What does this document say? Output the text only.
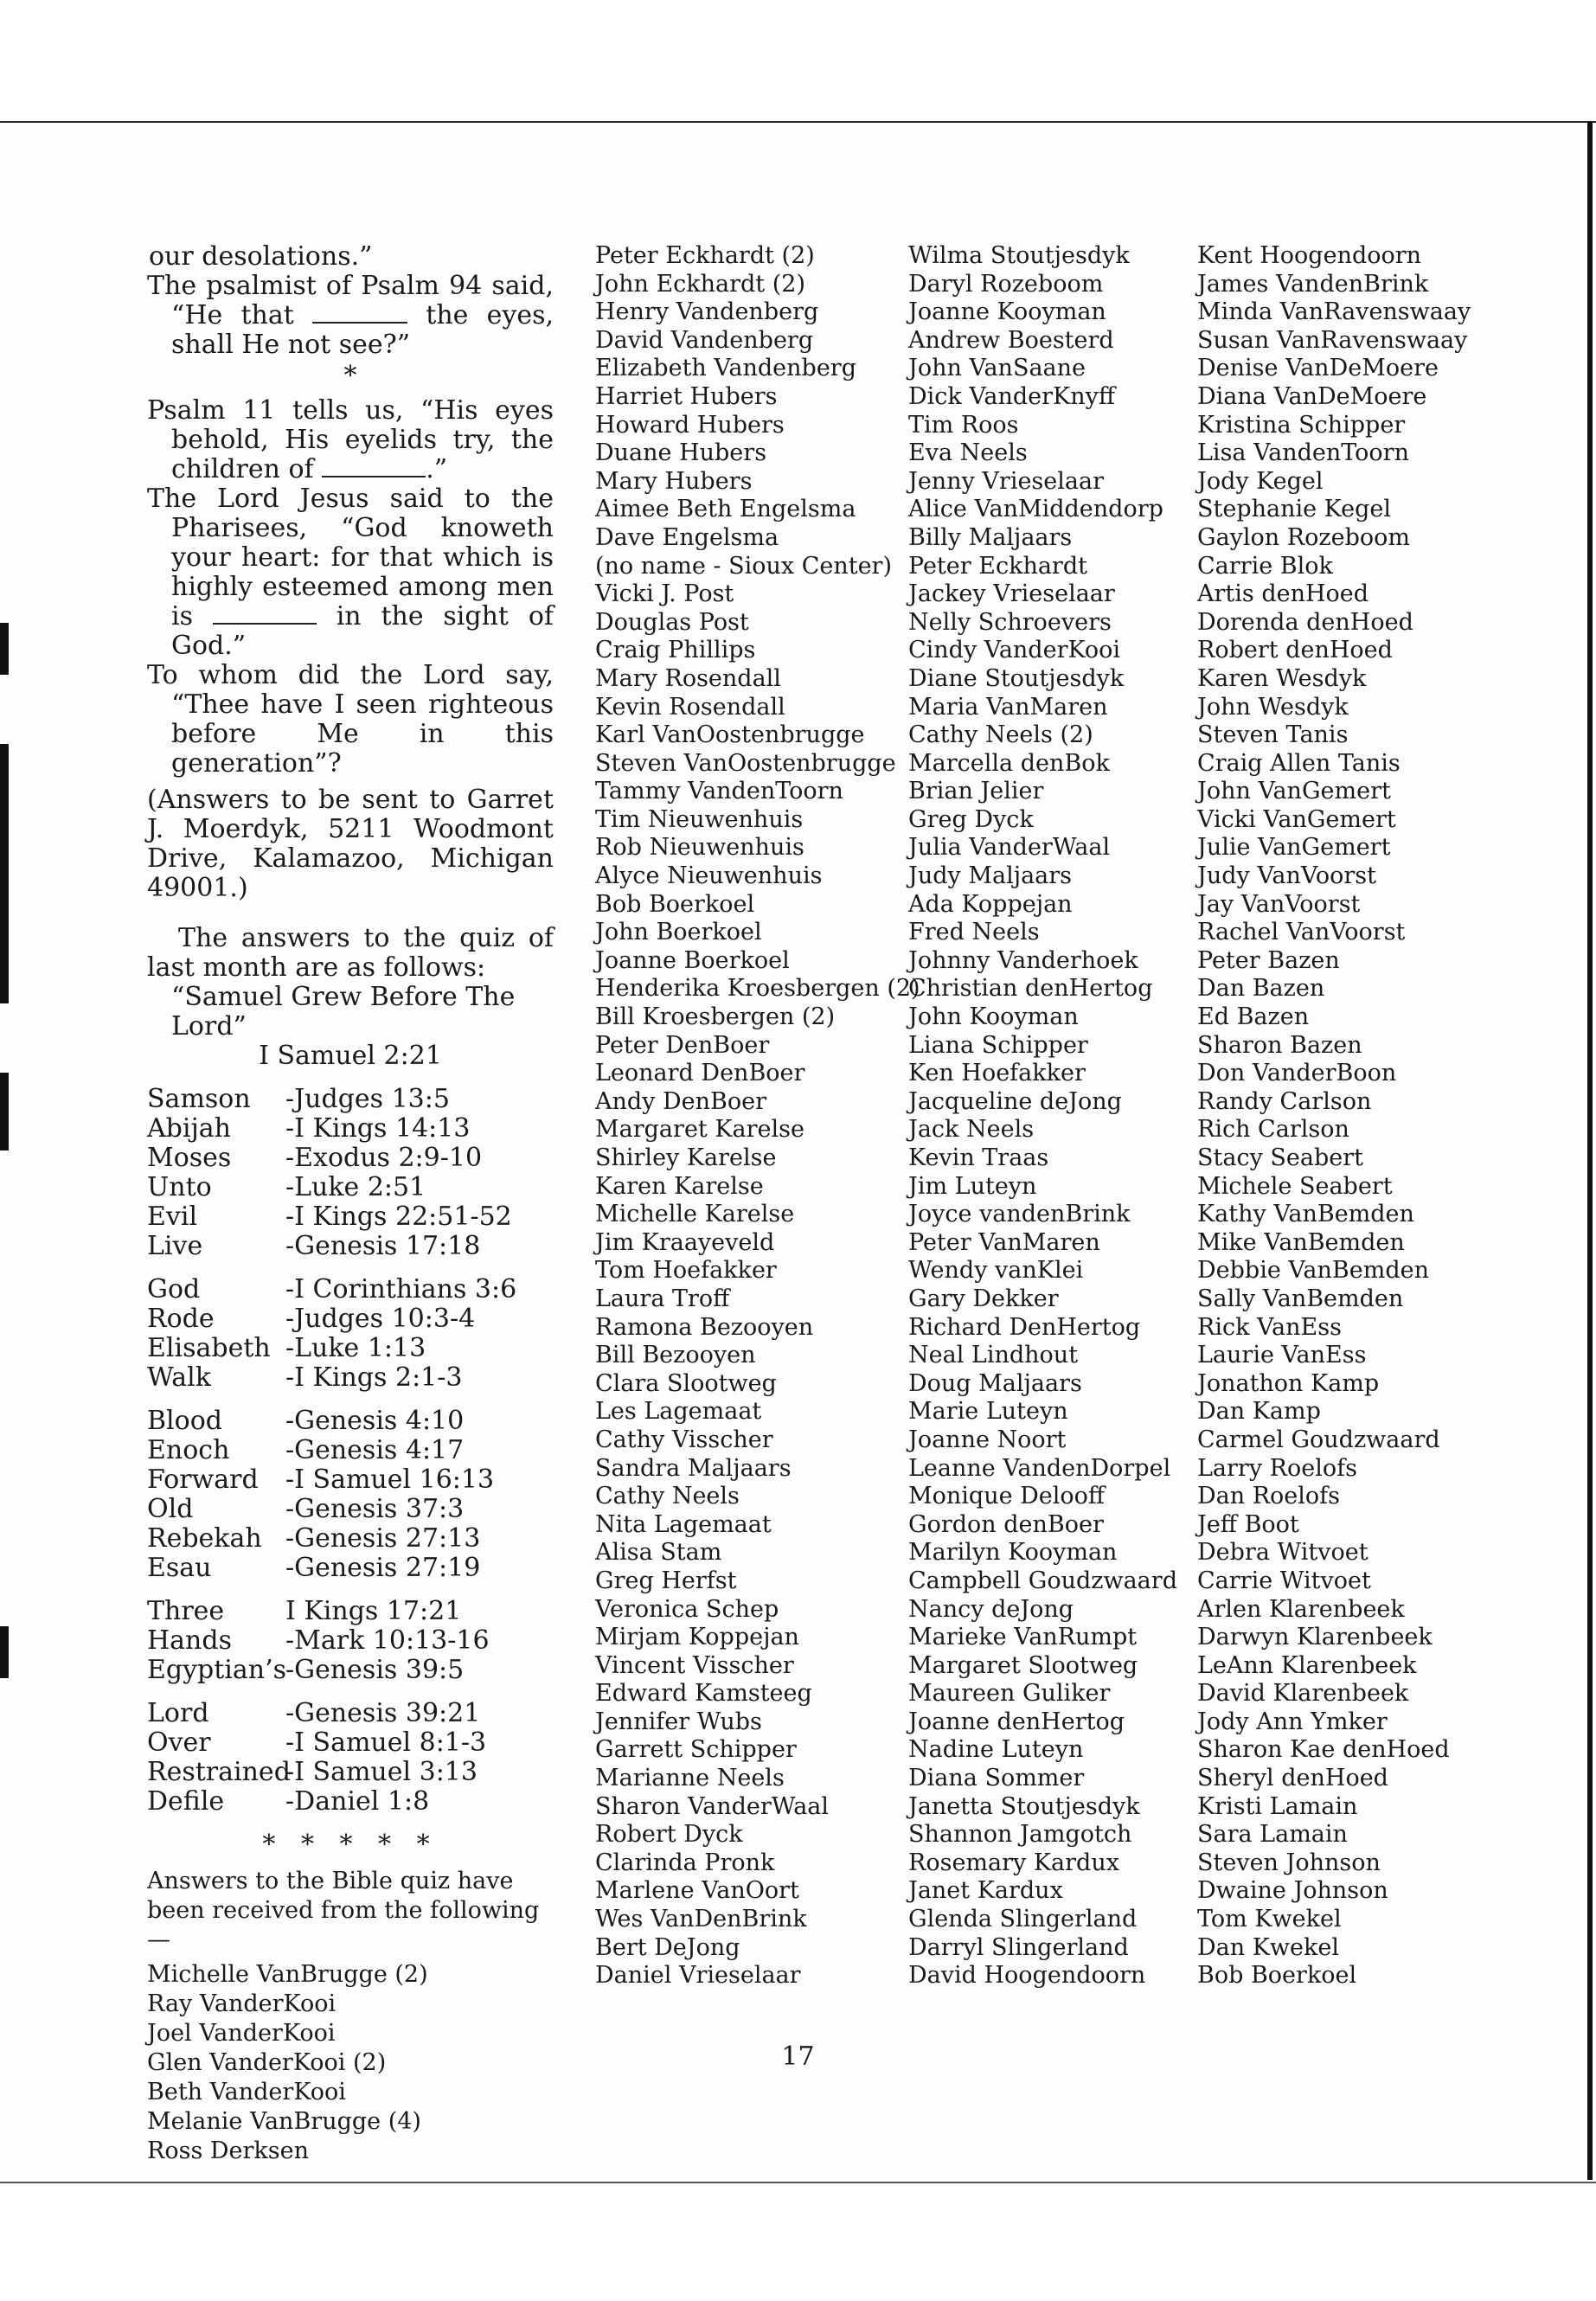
our desolations.”
The psalmist of Psalm 94 said, “He that	the eyes, shall He not see?”
*
Psalm 11 tells us, “His eyes behold, His eyelids try, the children of	.”
The Lord Jesus said to the Pharisees, “God knoweth your heart: for that which is highly esteemed among men is	in the sight of God.”
To whom did the Lord say, “Thee have I seen righteous before Me in this generation”?
(Answers to be sent to Garret J. Moerdyk, 5211 Woodmont Drive, Kalamazoo, Michigan 49001.)
The answers to the quiz of last month are as follows:
“Samuel Grew Before The Lord”
I Samuel 2:21
Samson	-Judges 13:5
Abijah	-I Kings 14:13
Moses	-Exodus 2:9-10
Unto	-Luke 2:51
Evil	-I Kings 22:51-52
Live	-Genesis 17:18
God	-I Corinthians 3:6
Rode	-Judges 10:3-4
Elisabeth -Luke 1:13
Walk	-I Kings 2:1-3
Blood	-Genesis 4:10
Enoch	-Genesis 4:17
Forward	-I Samuel 16:13
Old	-Genesis 37:3
Rebekah -Genesis 27:13
Esau	-Genesis 27:19
Three	I Kings 17:21
Hands	-Mark 10:13-16
Egyptian’s
-Genesis 39:5
Lord	-Genesis 39:21
Over	-I Samuel 8:1-3
Restrained
-I Samuel 3:13
Defile	-Daniel 1:8
* * * * *
Answers to the Bible quiz have been received from the following—
Michelle VanBrugge (2)
Ray VanderKooi
Joel VanderKooi
Glen VanderKooi (2)
Beth VanderKooi
Melanie VanBrugge (4)
Ross Derksen
Peter Eckhardt (2)
John Eckhardt (2)
Henry Vandenberg
David Vandenberg
Elizabeth Vandenberg
Harriet Hubers
Howard Hubers
Duane Hubers
Mary Hubers
Aimee Beth Engelsma
Dave Engelsma
(no name - Sioux Center)
Vicki J. Post
Douglas Post
Craig Phillips
Mary Rosendall
Kevin Rosendall
Karl VanOostenbrugge
Steven VanOostenbrugge
Tammy VandenToorn
Tim Nieuwenhuis
Rob Nieuwenhuis
Alyce Nieuwenhuis
Bob Boerkoel
John Boerkoel
Joanne Boerkoel
Henderika Kroesbergen (2)
Bill Kroesbergen (2)
Peter DenBoer
Leonard DenBoer
Andy DenBoer
Margaret Karelse
Shirley Karelse
Karen Karelse
Michelle Karelse
Jim Kraayeveld
Tom Hoefakker
Laura Troff
Ramona Bezooyen
Bill Bezooyen
Clara Slootweg
Les Lagemaat
Cathy Visscher
Sandra Maljaars
Cathy Neels
Nita Lagemaat
Alisa Stam
Greg Herfst
Veronica Schep
Mirjam Koppejan
Vincent Visscher
Edward Kamsteeg
Jennifer Wubs
Garrett Schipper
Marianne Neels
Sharon VanderWaal
Robert Dyck
Clarinda Pronk
Marlene VanOort
Wes VanDenBrink
Bert DeJong
Daniel Vrieselaar
Wilma Stoutjesdyk
Daryl Rozeboom
Joanne Kooyman
Andrew Boesterd
John VanSaane
Dick VanderKnyff
Tim Roos
Eva Neels
Jenny Vrieselaar
Alice VanMiddendorp
Billy Maljaars
Peter Eckhardt
Jackey Vrieselaar
Nelly Schroevers
Cindy VanderKooi
Diane Stoutjesdyk
Maria VanMaren
Cathy Neels (2)
Marcella denBok
Brian Jelier
Greg Dyck
Julia VanderWaal
Judy Maljaars
Ada Koppejan
Fred Neels
Johnny Vanderhoek
Christian denHertog
John Kooyman
Liana Schipper
Ken Hoefakker
Jacqueline deJong
Jack Neels
Kevin Traas
Jim Luteyn
Joyce vandenBrink
Peter VanMaren
Wendy vanKlei
Gary Dekker
Richard DenHertog
Neal Lindhout
Doug Maljaars
Marie Luteyn
Joanne Noort
Leanne VandenDorpel
Monique Delooff
Gordon denBoer
Marilyn Kooyman
Campbell Goudzwaard
Nancy deJong
Marieke VanRumpt
Margaret Slootweg
Maureen Guliker
Joanne denHertog
Nadine Luteyn
Diana Sommer
Janetta Stoutjesdyk
Shannon Jamgotch
Rosemary Kardux
Janet Kardux
Glenda Slingerland
Darryl Slingerland
David Hoogendoorn
Kent Hoogendoorn
James VandenBrink
Minda VanRavenswaay
Susan VanRavenswaay
Denise VanDeMoere
Diana VanDeMoere
Kristina Schipper
Lisa VandenToorn
Jody Kegel
Stephanie Kegel
Gaylon Rozeboom
Carrie Blok
Artis denHoed
Dorenda denHoed
Robert denHoed
Karen Wesdyk
John Wesdyk
Steven Tanis
Craig Allen Tanis
John VanGemert
Vicki VanGemert
Julie VanGemert
Judy VanVoorst
Jay VanVoorst
Rachel VanVoorst
Peter Bazen
Dan Bazen
Ed Bazen
Sharon Bazen
Don VanderBoon
Randy Carlson
Rich Carlson
Stacy Seabert
Michele Seabert
Kathy VanBemden
Mike VanBemden
Debbie VanBemden
Sally VanBemden
Rick VanEss
Laurie VanEss
Jonathon Kamp
Dan Kamp
Carmel Goudzwaard
Larry Roelofs
Dan Roelofs
Jeff Boot
Debra Witvoet
Carrie Witvoet
Arlen Klarenbeek
Darwyn Klarenbeek
LeAnn Klarenbeek
David Klarenbeek
Jody Ann Ymker
Sharon Kae denHoed
Sheryl denHoed
Kristi Lamain
Sara Lamain
Steven Johnson
Dwaine Johnson
Tom Kwekel
Dan Kwekel
Bob Boerkoel
17
